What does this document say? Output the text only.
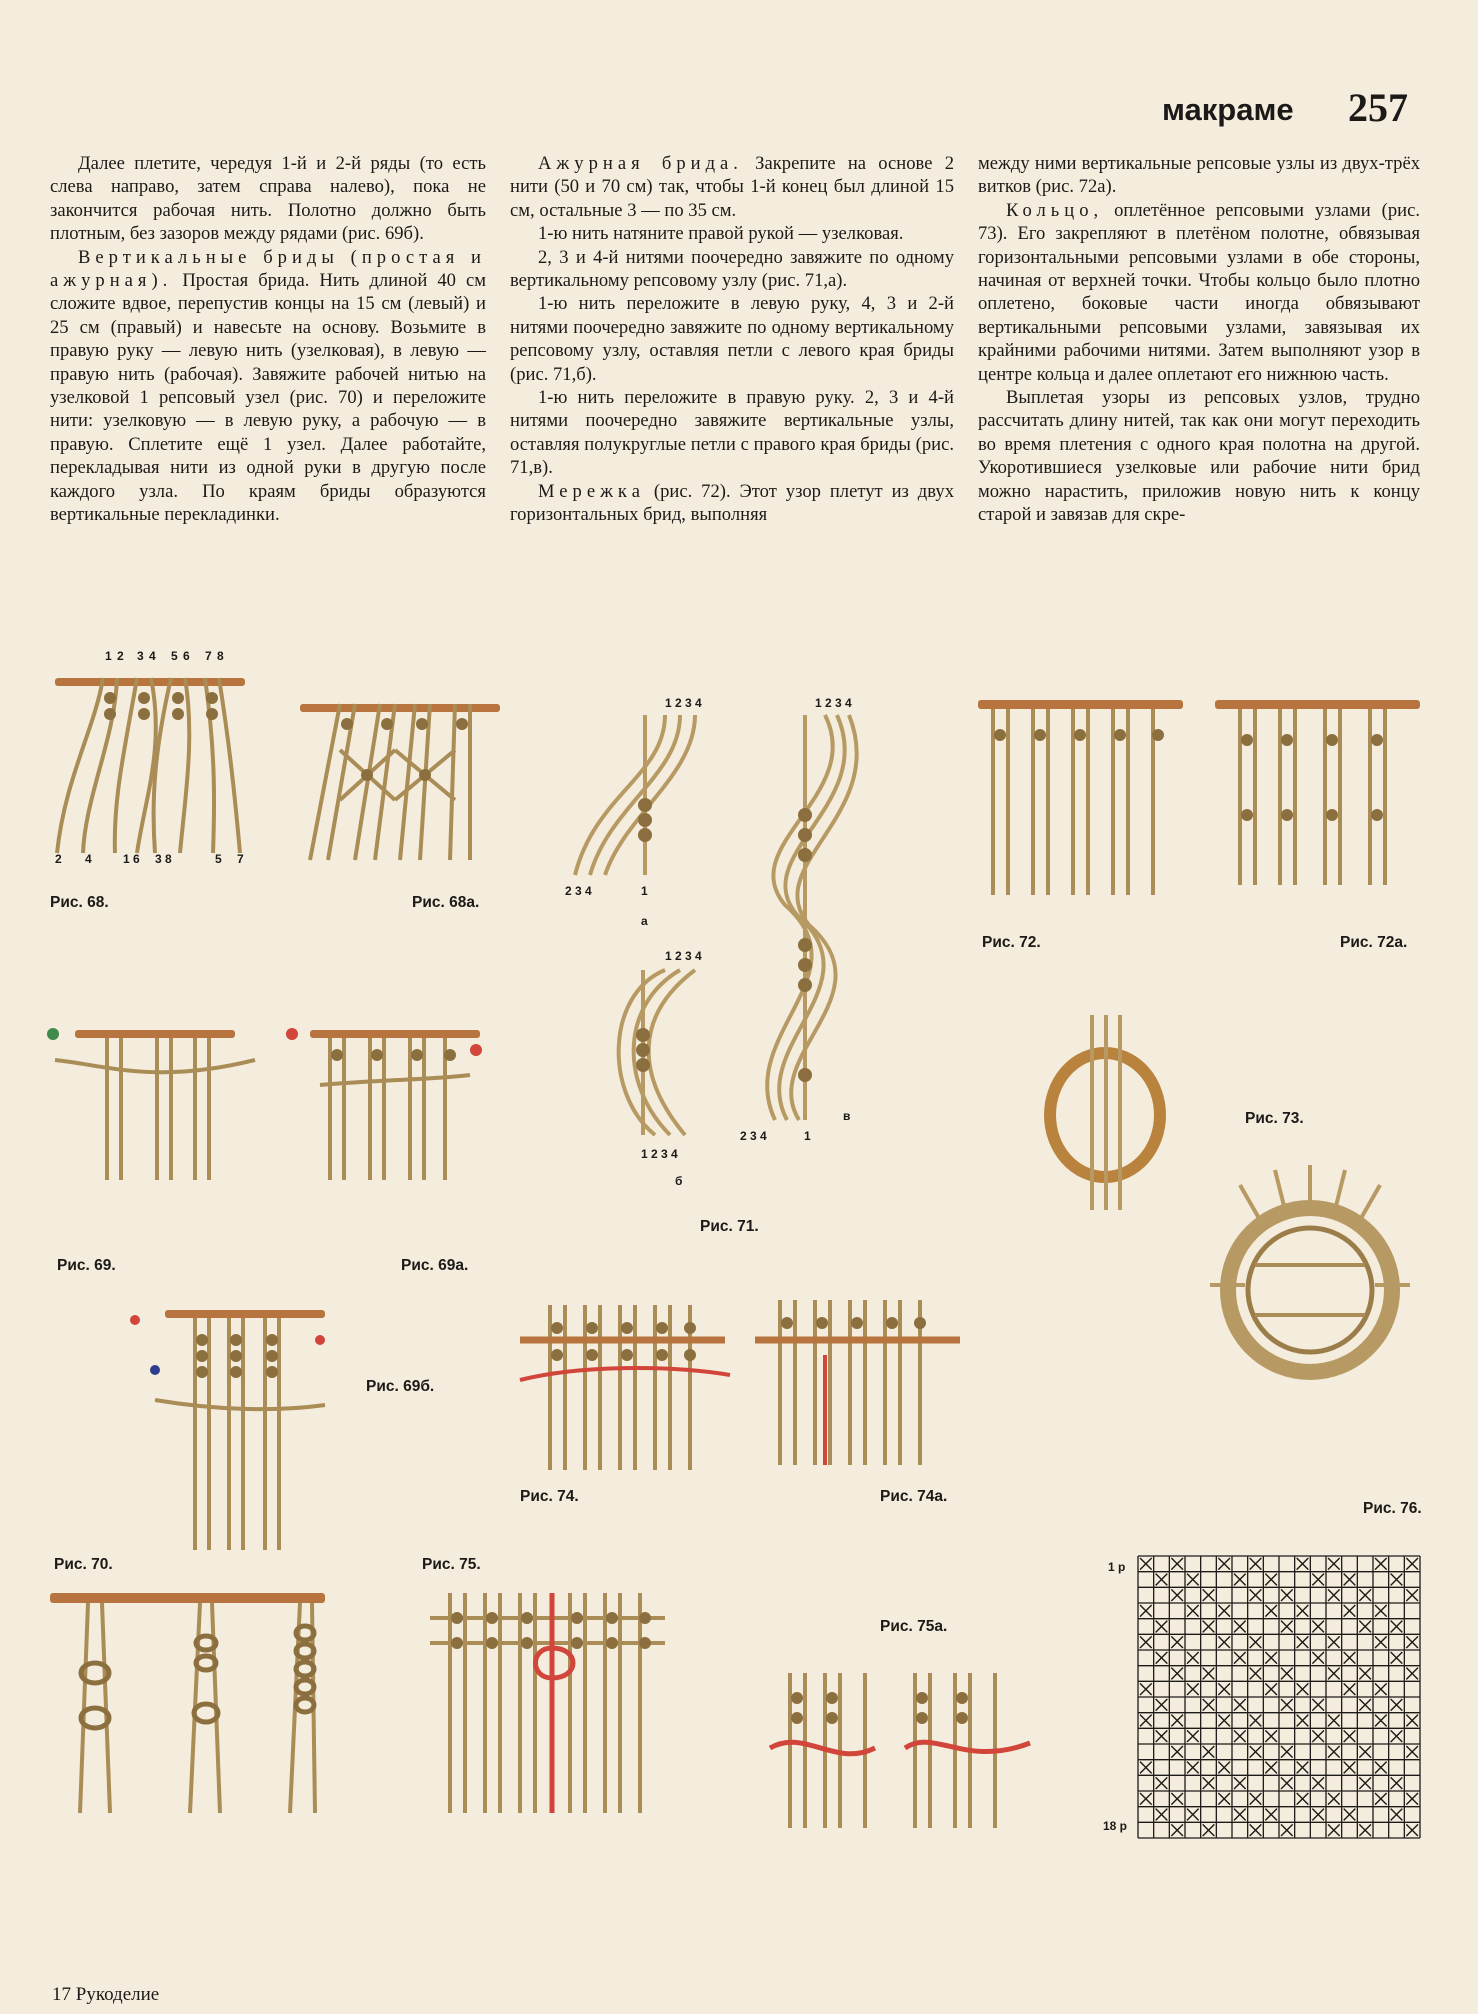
макраме 257

Далее плетите, чередуя 1-й и 2-й ряды (то есть слева направо, затем справа налево), пока не закончится рабочая нить. Полотно должно быть плотным, без зазоров между рядами (рис. 69б).

Вертикальные бриды (простая и ажурная). Простая брида. Нить длиной 40 см сложите вдвое, перепустив концы на 15 см (левый) и 25 см (правый) и навесьте на основу. Возьмите в правую руку — левую нить (узелковая), в левую — правую нить (рабочая). Завяжите рабочей нитью на узелковой 1 репсовый узел (рис. 70) и переложите нити: узелковую — в левую руку, а рабочую — в правую. Сплетите ещё 1 узел. Далее работайте, перекладывая нити из одной руки в другую после каждого узла. По краям бриды образуются вертикальные перекладинки.

Ажурная брида. Закрепите на основе 2 нити (50 и 70 см) так, чтобы 1-й конец был длиной 15 см, остальные 3 — по 35 см.

1-ю нить натяните правой рукой — узелковая.

2, 3 и 4-й нитями поочередно завяжите по одному вертикальному репсовому узлу (рис. 71,а).

1-ю нить переложите в левую руку, 4, 3 и 2-й нитями поочередно завяжите по одному вертикальному репсовому узлу, оставляя петли с левого края бриды (рис. 71,б).

1-ю нить переложите в правую руку. 2, 3 и 4-й нитями поочередно завяжите вертикальные узлы, оставляя полукруглые петли с правого края бриды (рис. 71,в).

Мережка (рис. 72). Этот узор плетут из двух горизонтальных брид, выполняя

между ними вертикальные репсовые узлы из двух-трёх витков (рис. 72а).

Кольцо, оплетённое репсовыми узлами (рис. 73). Его закрепляют в плетёном полотне, обвязывая горизонтальными репсовыми узлами в обе стороны, начиная от верхней точки. Чтобы кольцо было плотно оплетено, боковые части иногда обвязывают вертикальными репсовыми узлами, завязывая их крайними рабочими нитями. Затем выполняют узор в центре кольца и далее оплетают его нижнюю часть.

Выплетая узоры из репсовых узлов, трудно рассчитать длину нитей, так как они могут переходить во время плетения с одного края полотна на другой. Укоротившиеся узелковые или рабочие нити брид можно нарастить, приложив новую нить к концу старой и завязав для скре-

1 2 3 4 5 6 7 8
2 4	1 6 3 8	5 7
Рис. 68.	Рис. 68а.
Рис. 69.	Рис. 69а.
Рис. 69б.
Рис. 70.
1 2 3 4
2 3 4	1
а
1 2 3 4
1 2 3 4
1 2 3 4
б
2 3 4	1
в
Рис. 71.
Рис. 72.	Рис. 72а.
Рис. 73.
Рис. 74.	Рис. 74а.
Рис. 75.
Рис. 75а.
Рис. 76.
1 р
18 р
17 Рукоделие
